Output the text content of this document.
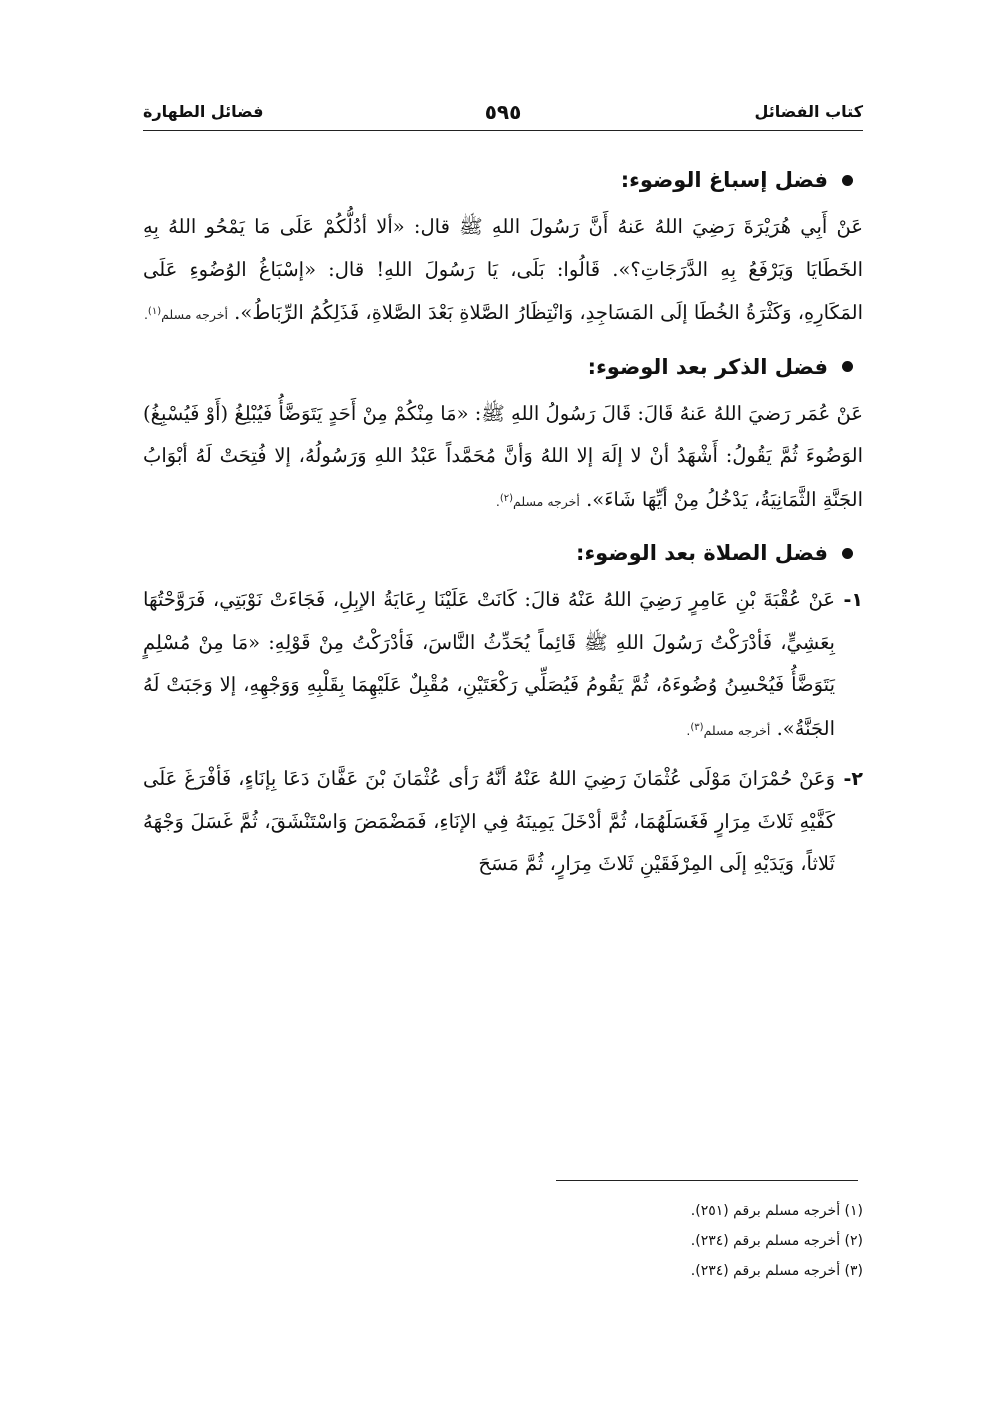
كتاب الفضائل
٥٩٥
فضائل الطهارة
فضل إسباغ الوضوء:

عَنْ أَبِي هُرَيْرَةَ رَضِيَ اللهُ عَنهُ أَنَّ رَسُولَ اللهِ ﷺ قال: «ألا أدُلُّكُمْ عَلَى مَا يَمْحُو اللهُ بِهِ الخَطَايَا وَيَرْفَعُ بِهِ الدَّرَجَاتِ؟». قَالُوا: بَلَى، يَا رَسُولَ اللهِ! قال: «إسْبَاغُ الوُضُوءِ عَلَى المَكَارِهِ، وَكَثْرَةُ الخُطَا إلَى المَسَاجِدِ، وَانْتِظَارُ الصَّلاةِ بَعْدَ الصَّلاةِ، فَذَلِكُمُ الرِّبَاطُ». أخرجه مسلم$^{(١)}$.

فضل الذكر بعد الوضوء:

عَنْ عُمَر رَضيَ اللهُ عَنهُ قَالَ: قَالَ رَسُولُ اللهِ ﷺ: «مَا مِنْكُمْ مِنْ أَحَدٍ يَتَوَضَّأُ فَيُبْلِغُ (أَوْ فَيُسْبِغُ) الوَضُوءَ ثُمَّ يَقُولُ: أَشْهَدُ أنْ لا إلَهَ إلا اللهُ وَأنَّ مُحَمَّداً عَبْدُ اللهِ وَرَسُولُهُ، إلا فُتِحَتْ لَهُ أبْوَابُ الجَنَّةِ الثَّمَانِيَةُ، يَدْخُلُ مِنْ أيِّهَا شَاءَ». أخرجه مسلم$^{(٢)}$.

فضل الصلاة بعد الوضوء:
١-

عَنْ عُقْبَةَ بْنِ عَامِرٍ رَضِيَ اللهُ عَنْهُ قالَ: كَانَتْ عَلَيْنَا رِعَايَةُ الإبِلِ، فَجَاءَتْ نَوْبَتِي، فَرَوَّحْتُهَا بِعَشِيٍّ، فَأدْرَكْتُ رَسُولَ اللهِ ﷺ قَائِماً يُحَدِّثُ النَّاسَ، فَأدْرَكْتُ مِنْ قَوْلِهِ: «مَا مِنْ مُسْلِمٍ يَتَوَضَّأُ فَيُحْسِنُ وُضُوءَهُ، ثُمَّ يَقُومُ فَيُصَلِّي رَكْعَتَيْنِ، مُقْبِلٌ عَلَيْهِمَا بِقَلْبِهِ وَوَجْهِهِ، إلا وَجَبَتْ لَهُ الجَنَّةُ». أخرجه مسلم$^{(٣)}$.

٢-

وَعَنْ حُمْرَانَ مَوْلَى عُثْمَانَ رَضِيَ اللهُ عَنْهُ أنَّهُ رَأى عُثْمَانَ بْنَ عَفَّانَ دَعَا بِإنَاءٍ، فَأفْرَغَ عَلَى كَفَّيْهِ ثَلاثَ مِرَارٍ فَغَسَلَهُمَا، ثُمَّ أدْخَلَ يَمِينَهُ فِي الإنَاءِ، فَمَضْمَضَ وَاسْتَنْشَقَ، ثُمَّ غَسَلَ وَجْهَهُ ثَلاثاً، وَيَدَيْهِ إلَى المِرْفَقَيْنِ ثَلاثَ مِرَارٍ، ثُمَّ مَسَحَ

(١) أخرجه مسلم برقم (٢٥١).
(٢) أخرجه مسلم برقم (٢٣٤).
(٣) أخرجه مسلم برقم (٢٣٤).
